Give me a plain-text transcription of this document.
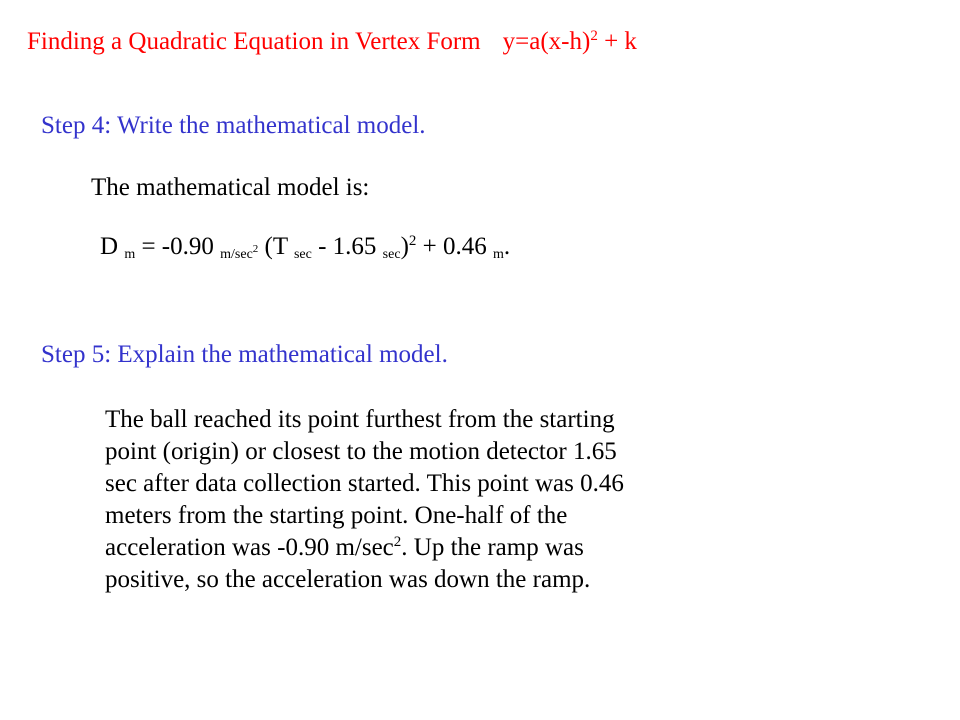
Finding a Quadratic Equation in Vertex Form $y=a(x-h)^2 + k$
Step 4: Write the mathematical model.
The mathematical model is:
D m = -0.90 $m/\sec^2$ (T sec - 1.65 sec)$^2$ + 0.46 m.
Step 5: Explain the mathematical model.
The ball reached its point furthest from the starting
point (origin) or closest to the motion detector 1.65
sec after data collection started. This point was 0.46
meters from the starting point. One-half of the
acceleration was -0.90 $m/\sec^2$. Up the ramp was
positive, so the acceleration was down the ramp.
